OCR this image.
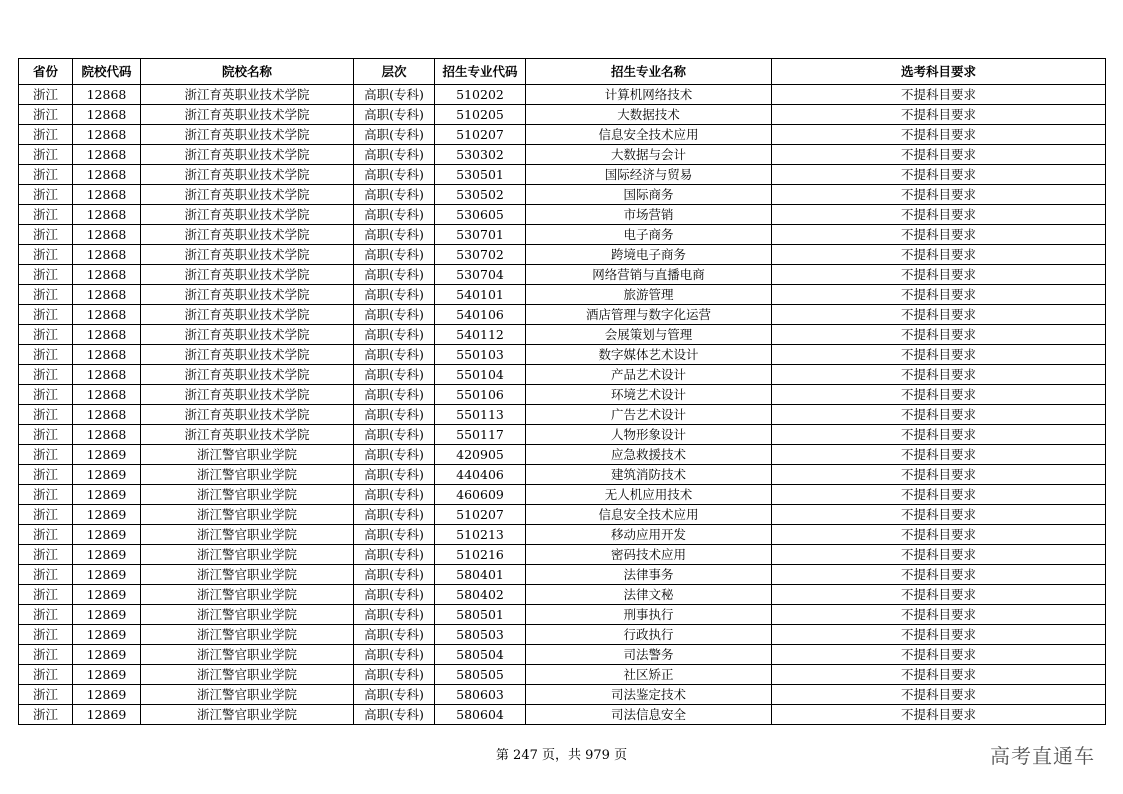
省份	院校代码	院校名称	层次	招生专业代码	招生专业名称	选考科目要求
浙江	12868	浙江育英职业技术学院	高职(专科)	510202	计算机网络技术	不提科目要求
浙江	12868	浙江育英职业技术学院	高职(专科)	510205	大数据技术	不提科目要求
浙江	12868	浙江育英职业技术学院	高职(专科)	510207	信息安全技术应用	不提科目要求
浙江	12868	浙江育英职业技术学院	高职(专科)	530302	大数据与会计	不提科目要求
浙江	12868	浙江育英职业技术学院	高职(专科)	530501	国际经济与贸易	不提科目要求
浙江	12868	浙江育英职业技术学院	高职(专科)	530502	国际商务	不提科目要求
浙江	12868	浙江育英职业技术学院	高职(专科)	530605	市场营销	不提科目要求
浙江	12868	浙江育英职业技术学院	高职(专科)	530701	电子商务	不提科目要求
浙江	12868	浙江育英职业技术学院	高职(专科)	530702	跨境电子商务	不提科目要求
浙江	12868	浙江育英职业技术学院	高职(专科)	530704	网络营销与直播电商	不提科目要求
浙江	12868	浙江育英职业技术学院	高职(专科)	540101	旅游管理	不提科目要求
浙江	12868	浙江育英职业技术学院	高职(专科)	540106	酒店管理与数字化运营	不提科目要求
浙江	12868	浙江育英职业技术学院	高职(专科)	540112	会展策划与管理	不提科目要求
浙江	12868	浙江育英职业技术学院	高职(专科)	550103	数字媒体艺术设计	不提科目要求
浙江	12868	浙江育英职业技术学院	高职(专科)	550104	产品艺术设计	不提科目要求
浙江	12868	浙江育英职业技术学院	高职(专科)	550106	环境艺术设计	不提科目要求
浙江	12868	浙江育英职业技术学院	高职(专科)	550113	广告艺术设计	不提科目要求
浙江	12868	浙江育英职业技术学院	高职(专科)	550117	人物形象设计	不提科目要求
浙江	12869	浙江警官职业学院	高职(专科)	420905	应急救援技术	不提科目要求
浙江	12869	浙江警官职业学院	高职(专科)	440406	建筑消防技术	不提科目要求
浙江	12869	浙江警官职业学院	高职(专科)	460609	无人机应用技术	不提科目要求
浙江	12869	浙江警官职业学院	高职(专科)	510207	信息安全技术应用	不提科目要求
浙江	12869	浙江警官职业学院	高职(专科)	510213	移动应用开发	不提科目要求
浙江	12869	浙江警官职业学院	高职(专科)	510216	密码技术应用	不提科目要求
浙江	12869	浙江警官职业学院	高职(专科)	580401	法律事务	不提科目要求
浙江	12869	浙江警官职业学院	高职(专科)	580402	法律文秘	不提科目要求
浙江	12869	浙江警官职业学院	高职(专科)	580501	刑事执行	不提科目要求
浙江	12869	浙江警官职业学院	高职(专科)	580503	行政执行	不提科目要求
浙江	12869	浙江警官职业学院	高职(专科)	580504	司法警务	不提科目要求
浙江	12869	浙江警官职业学院	高职(专科)	580505	社区矫正	不提科目要求
浙江	12869	浙江警官职业学院	高职(专科)	580603	司法鉴定技术	不提科目要求
浙江	12869	浙江警官职业学院	高职(专科)	580604	司法信息安全	不提科目要求
第 247 页，共 979 页	高考直通车
